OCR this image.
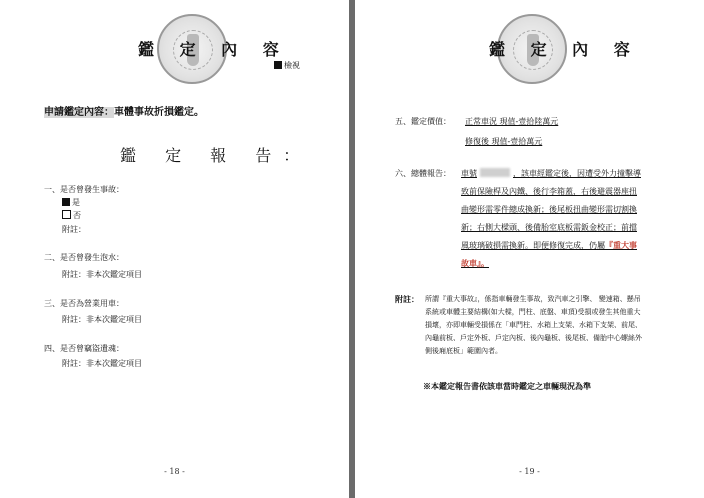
鑑 定 內 容
檢視
申請鑑定內容：車體事故折損鑑定。
鑑 定 報 告：
一、是否曾發生事故：
是
否
附註：
二、是否曾發生泡水：
附註：非本次鑑定項目
三、是否為營業用車：
附註：非本次鑑定項目
四、是否曾竊盜遺魂：
附註：非本次鑑定項目
- 18 -
鑑 定 內 容
五、鑑定價值： 正常車況 現值-壹拾陸萬元
修復後 現值-壹拾萬元
六、總體報告： 車號	，該車經鑑定後，因遭受外力撞擊導
致前保險桿及內鐵、後行李箱蓋，右後避震器座扭
曲變形需零件總成換新；後尾板扭曲變形需切割換
新；右側大樑頭、後備胎室底板需鈑金校正；前擋
風玻璃破損需換新。即便修復完成，仍屬『重大事
故車』。
附註： 所謂『重大事故』，係指車輛發生事故，致汽車之引擎、 變速箱、懸吊
系統或車體主要結構(如大樑，門柱、底盤、車頂)受損或發生其他重大
損壞，亦即車輛受損係在「車門柱、水箱上支架、水箱下支架、前尾、
內龜前板、戶定外板、戶定內板、後內龜板、後尾板、備胎中心螺絲外
側後廂底板」範圍內者。
※本鑑定報告書依該車當時鑑定之車輛現況為準
- 19 -
